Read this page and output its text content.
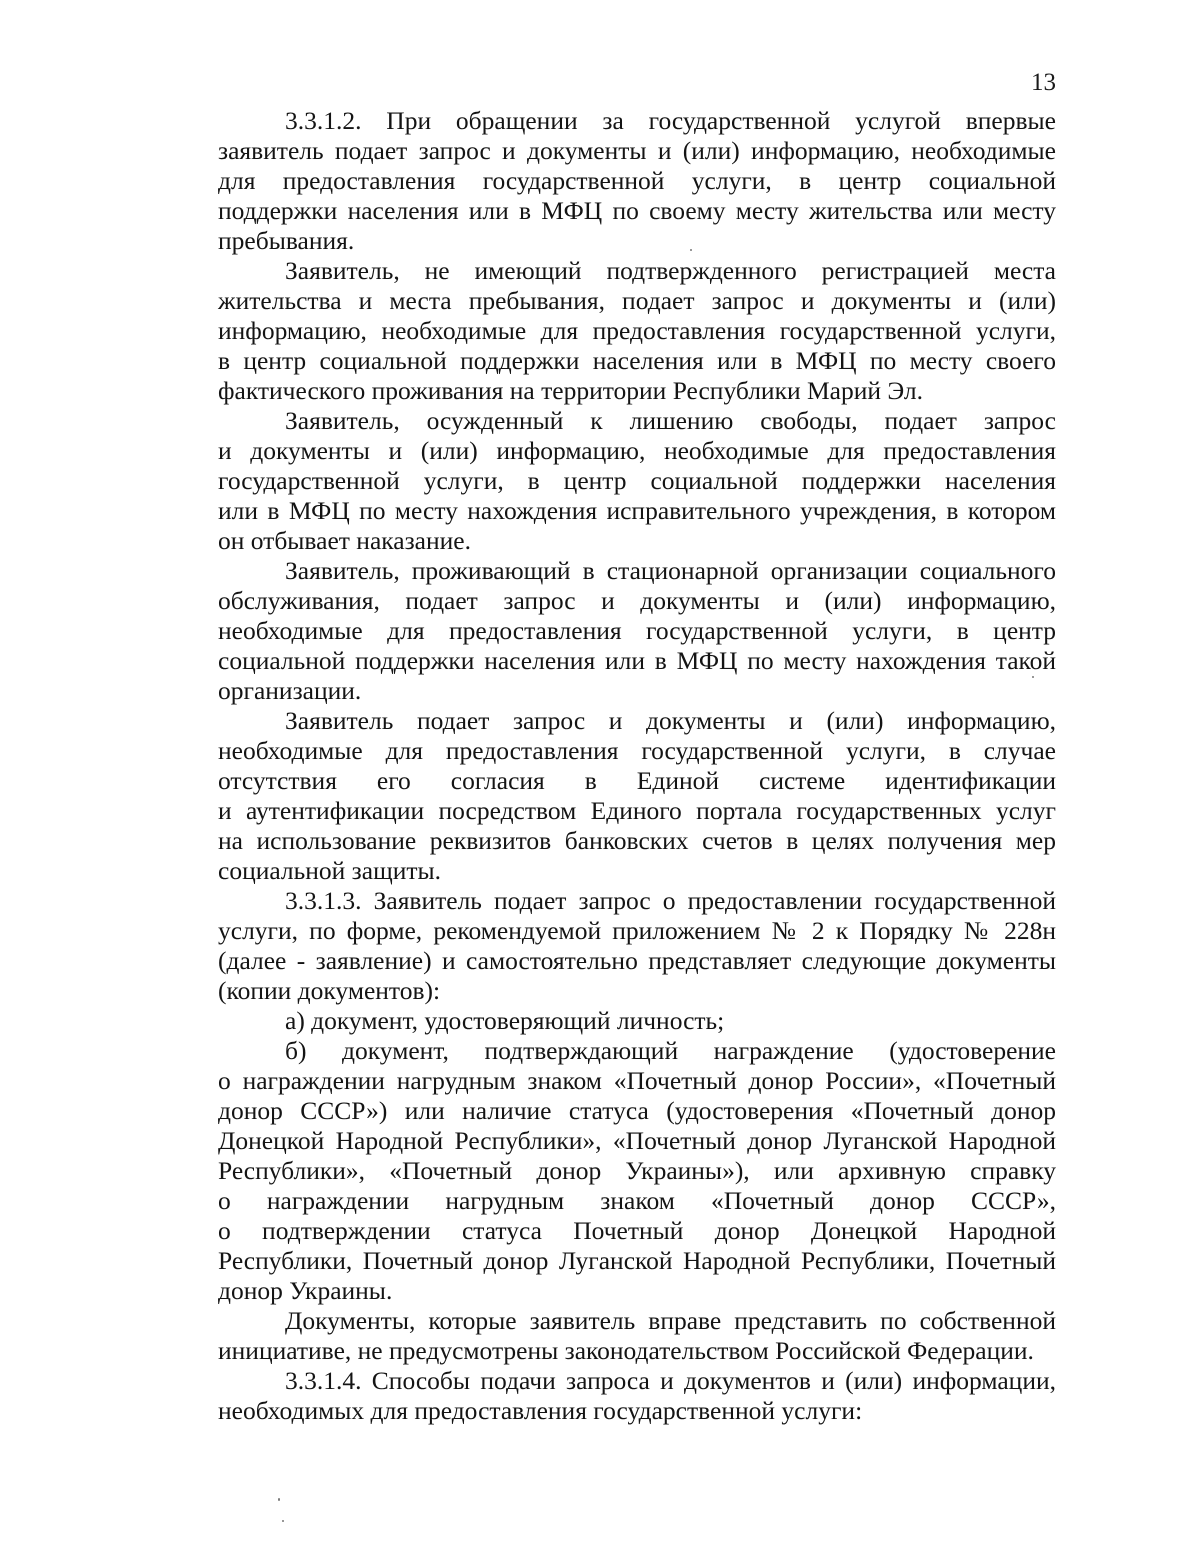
13
3.3.1.2. При обращении за государственной услугой впервые
заявитель подает запрос и документы и (или) информацию, необходимые
для предоставления государственной услуги, в центр социальной
поддержки населения или в МФЦ по своему месту жительства или месту
пребывания.
Заявитель, не имеющий подтвержденного регистрацией места
жительства и места пребывания, подает запрос и документы и (или)
информацию, необходимые для предоставления государственной услуги,
в центр социальной поддержки населения или в МФЦ по месту своего
фактического проживания на территории Республики Марий Эл.
Заявитель, осужденный к лишению свободы, подает запрос
и документы и (или) информацию, необходимые для предоставления
государственной услуги, в центр социальной поддержки населения
или в МФЦ по месту нахождения исправительного учреждения, в котором
он отбывает наказание.
Заявитель, проживающий в стационарной организации социального
обслуживания, подает запрос и документы и (или) информацию,
необходимые для предоставления государственной услуги, в центр
социальной поддержки населения или в МФЦ по месту нахождения такой
организации.
Заявитель подает запрос и документы и (или) информацию,
необходимые для предоставления государственной услуги, в случае
отсутствия его согласия в Единой системе идентификации
и аутентификации посредством Единого портала государственных услуг
на использование реквизитов банковских счетов в целях получения мер
социальной защиты.
3.3.1.3. Заявитель подает запрос о предоставлении государственной
услуги, по форме, рекомендуемой приложением № 2 к Порядку № 228н
(далее - заявление) и самостоятельно представляет следующие документы
(копии документов):
а) документ, удостоверяющий личность;
б) документ, подтверждающий награждение (удостоверение
о награждении нагрудным знаком «Почетный донор России», «Почетный
донор СССР») или наличие статуса (удостоверения «Почетный донор
Донецкой Народной Республики», «Почетный донор Луганской Народной
Республики», «Почетный донор Украины»), или архивную справку
о награждении нагрудным знаком «Почетный донор СССР»,
о подтверждении статуса Почетный донор Донецкой Народной
Республики, Почетный донор Луганской Народной Республики, Почетный
донор Украины.
Документы, которые заявитель вправе представить по собственной
инициативе, не предусмотрены законодательством Российской Федерации.
3.3.1.4. Способы подачи запроса и документов и (или) информации,
необходимых для предоставления государственной услуги:
